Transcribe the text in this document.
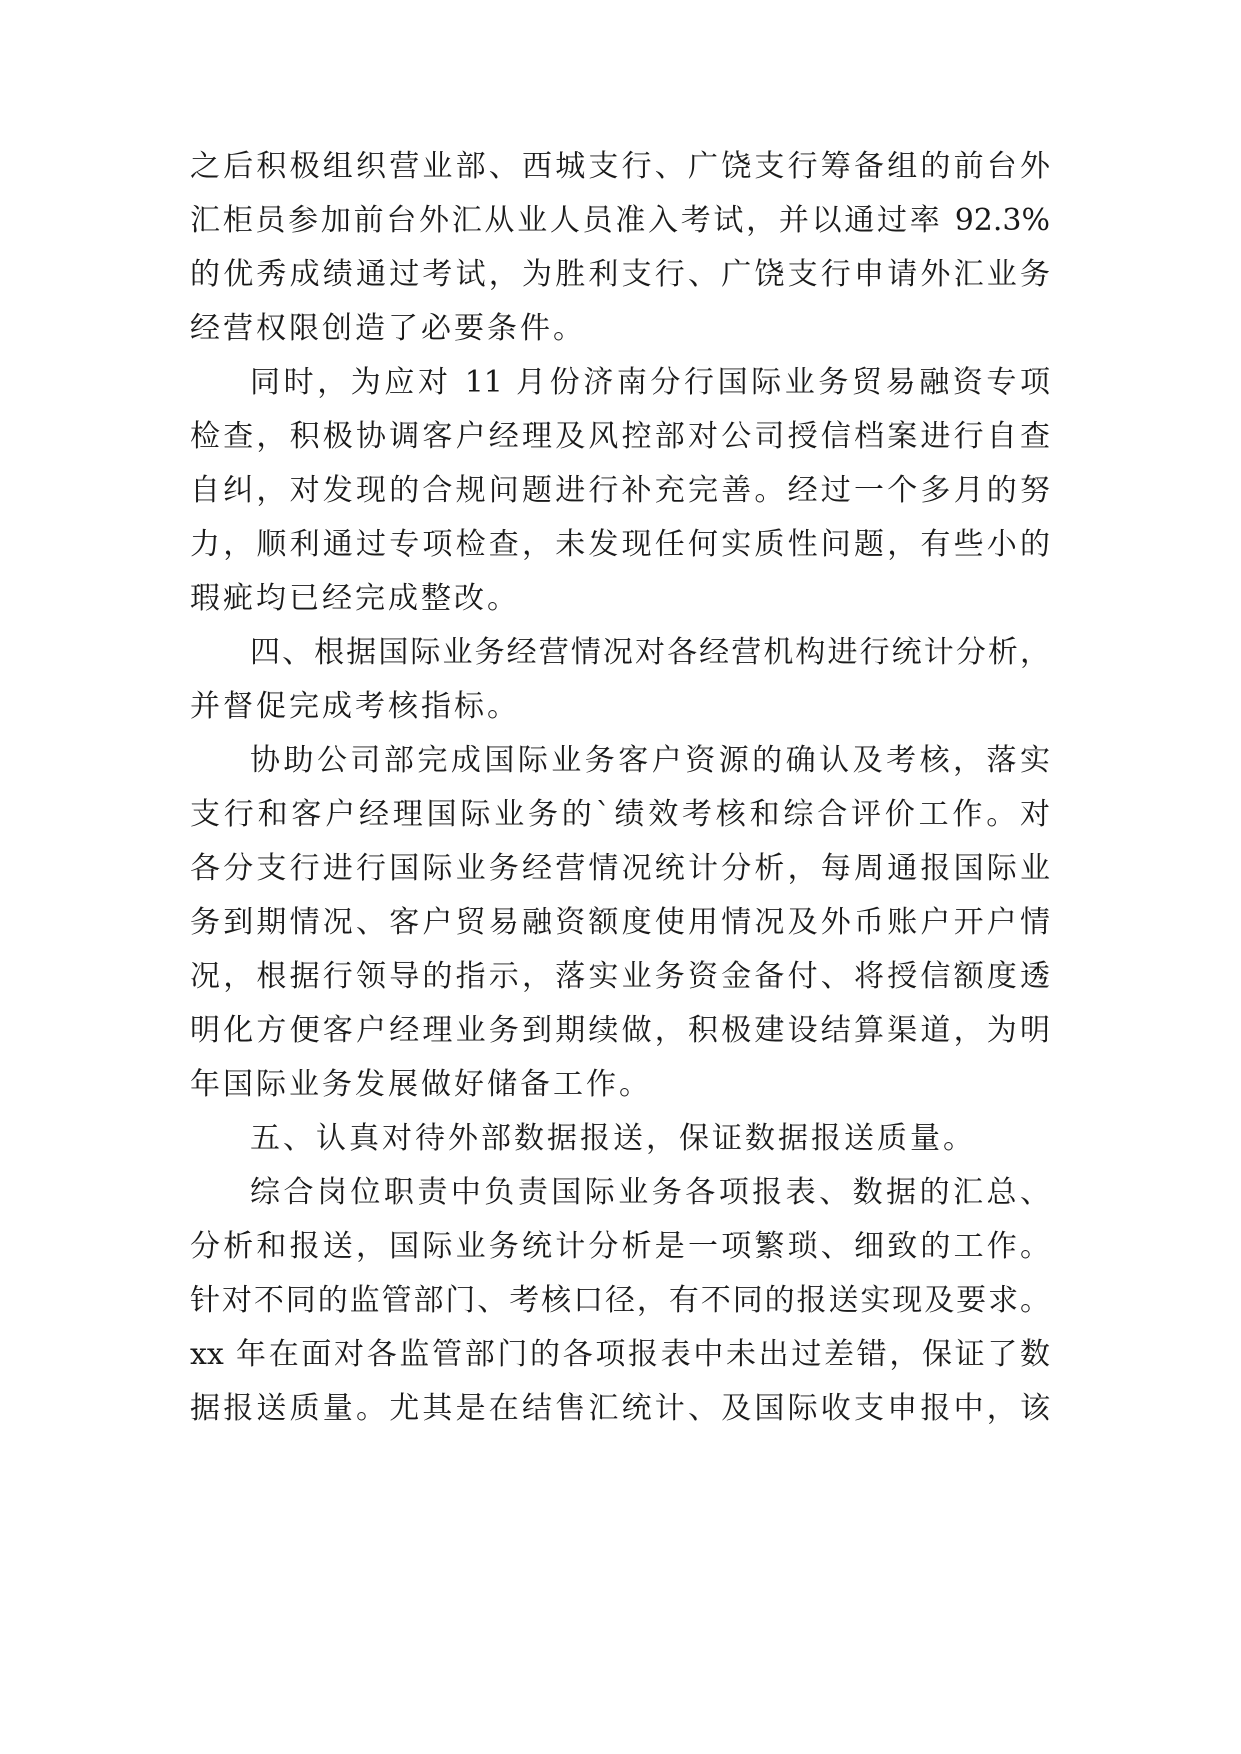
之后积极组织营业部、西城支行、广饶支行筹备组的前台外
汇柜员参加前台外汇从业人员准入考试，并以通过率 92.3%
的优秀成绩通过考试，为胜利支行、广饶支行申请外汇业务
经营权限创造了必要条件。
同时，为应对 11 月份济南分行国际业务贸易融资专项
检查，积极协调客户经理及风控部对公司授信档案进行自查
自纠，对发现的合规问题进行补充完善。经过一个多月的努
力，顺利通过专项检查，未发现任何实质性问题，有些小的
瑕疵均已经完成整改。
四、根据国际业务经营情况对各经营机构进行统计分析，
并督促完成考核指标。
协助公司部完成国际业务客户资源的确认及考核，落实
支行和客户经理国际业务的`绩效考核和综合评价工作。对
各分支行进行国际业务经营情况统计分析，每周通报国际业
务到期情况、客户贸易融资额度使用情况及外币账户开户情
况，根据行领导的指示，落实业务资金备付、将授信额度透
明化方便客户经理业务到期续做，积极建设结算渠道，为明
年国际业务发展做好储备工作。
五、认真对待外部数据报送，保证数据报送质量。
综合岗位职责中负责国际业务各项报表、数据的汇总、
分析和报送，国际业务统计分析是一项繁琐、细致的工作。
针对不同的监管部门、考核口径，有不同的报送实现及要求。
xx 年在面对各监管部门的各项报表中未出过差错，保证了数
据报送质量。尤其是在结售汇统计、及国际收支申报中，该
